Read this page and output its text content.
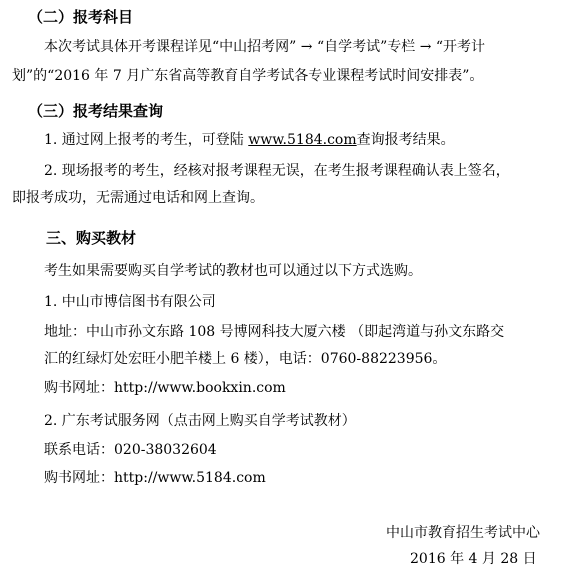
（二）报考科目
本次考试具体开考课程详见“中山招考网” → “自学考试”专栏 → “开考计
划”的“2016 年 7 月广东省高等教育自学考试各专业课程考试时间安排表”。
（三）报考结果查询
1. 通过网上报考的考生，可登陆 www.5184.com查询报考结果。
2. 现场报考的考生，经核对报考课程无误，在考生报考课程确认表上签名，
即报考成功，无需通过电话和网上查询。
三、购买教材
考生如果需要购买自学考试的教材也可以通过以下方式选购。
1. 中山市博信图书有限公司
地址：中山市孙文东路 108 号博网科技大厦六楼 （即起湾道与孙文东路交
汇的红绿灯处宏旺小肥羊楼上 6 楼），电话：0760-88223956。
购书网址：http://www.bookxin.com
2. 广东考试服务网（点击网上购买自学考试教材）
联系电话：020-38032604
购书网址：http://www.5184.com
中山市教育招生考试中心
2016 年 4 月 28 日
